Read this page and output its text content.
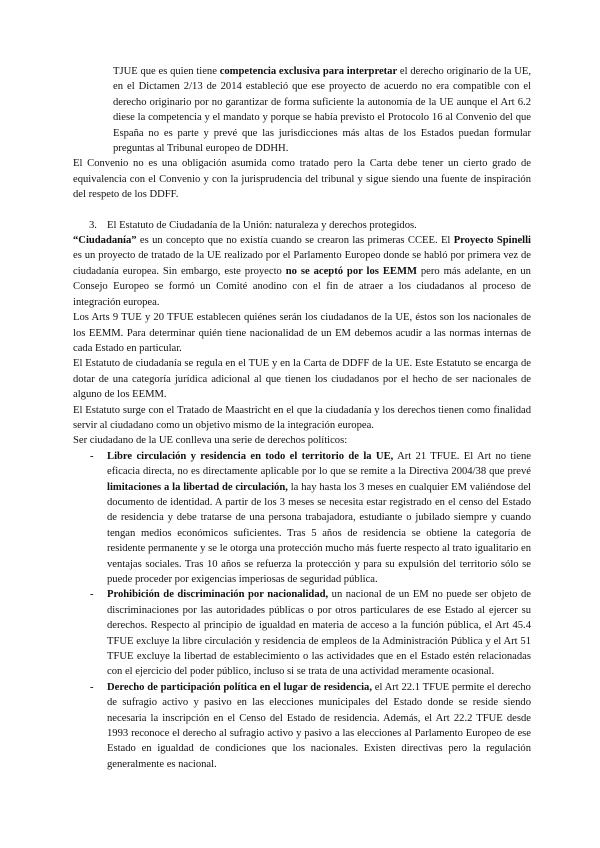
TJUE que es quien tiene competencia exclusiva para interpretar el derecho originario de la UE, en el Dictamen 2/13 de 2014 estableció que ese proyecto de acuerdo no era compatible con el derecho originario por no garantizar de forma suficiente la autonomía de la UE aunque el Art 6.2 diese la competencia y el mandato y porque se había previsto el Protocolo 16 al Convenio del que España no es parte y prevé que las jurisdicciones más altas de los Estados puedan formular preguntas al Tribunal europeo de DDHH.

El Convenio no es una obligación asumida como tratado pero la Carta debe tener un cierto grado de equivalencia con el Convenio y con la jurisprudencia del tribunal y sigue siendo una fuente de inspiración del respeto de los DDFF.

3. El Estatuto de Ciudadanía de la Unión: naturaleza y derechos protegidos.

“Ciudadanía” es un concepto que no existía cuando se crearon las primeras CCEE. El Proyecto Spinelli es un proyecto de tratado de la UE realizado por el Parlamento Europeo donde se habló por primera vez de ciudadanía europea. Sin embargo, este proyecto no se aceptó por los EEMM pero más adelante, en un Consejo Europeo se formó un Comité anodino con el fin de atraer a los ciudadanos al proceso de integración europea.

Los Arts 9 TUE y 20 TFUE establecen quiénes serán los ciudadanos de la UE, éstos son los nacionales de los EEMM. Para determinar quién tiene nacionalidad de un EM debemos acudir a las normas internas de cada Estado en particular.

El Estatuto de ciudadanía se regula en el TUE y en la Carta de DDFF de la UE. Este Estatuto se encarga de dotar de una categoría jurídica adicional al que tienen los ciudadanos por el hecho de ser nacionales de alguno de los EEMM.

El Estatuto surge con el Tratado de Maastricht en el que la ciudadanía y los derechos tienen como finalidad servir al ciudadano como un objetivo mismo de la integración europea.

Ser ciudadano de la UE conlleva una serie de derechos políticos:

- Libre circulación y residencia en todo el territorio de la UE, Art 21 TFUE. El Art no tiene eficacia directa, no es directamente aplicable por lo que se remite a la Directiva 2004/38 que prevé limitaciones a la libertad de circulación, la hay hasta los 3 meses en cualquier EM valiéndose del documento de identidad. A partir de los 3 meses se necesita estar registrado en el censo del Estado de residencia y debe tratarse de una persona trabajadora, estudiante o jubilado siempre y cuando tengan medios económicos suficientes. Tras 5 años de residencia se obtiene la categoría de residente permanente y se le otorga una protección mucho más fuerte respecto al trato igualitario en ventajas sociales. Tras 10 años se refuerza la protección y para su expulsión del territorio sólo se puede proceder por exigencias imperiosas de seguridad pública.
- Prohibición de discriminación por nacionalidad, un nacional de un EM no puede ser objeto de discriminaciones por las autoridades públicas o por otros particulares de ese Estado al ejercer su derechos. Respecto al principio de igualdad en materia de acceso a la función pública, el Art 45.4 TFUE excluye la libre circulación y residencia de empleos de la Administración Pública y el Art 51 TFUE excluye la libertad de establecimiento o las actividades que en el Estado estén relacionadas con el ejercicio del poder público, incluso si se trata de una actividad meramente ocasional.
- Derecho de participación política en el lugar de residencia, el Art 22.1 TFUE permite el derecho de sufragio activo y pasivo en las elecciones municipales del Estado donde se reside siendo necesaria la inscripción en el Censo del Estado de residencia. Además, el Art 22.2 TFUE desde 1993 reconoce el derecho al sufragio activo y pasivo a las elecciones al Parlamento Europeo de ese Estado en igualdad de condiciones que los nacionales. Existen directivas pero la regulación generalmente es nacional.
